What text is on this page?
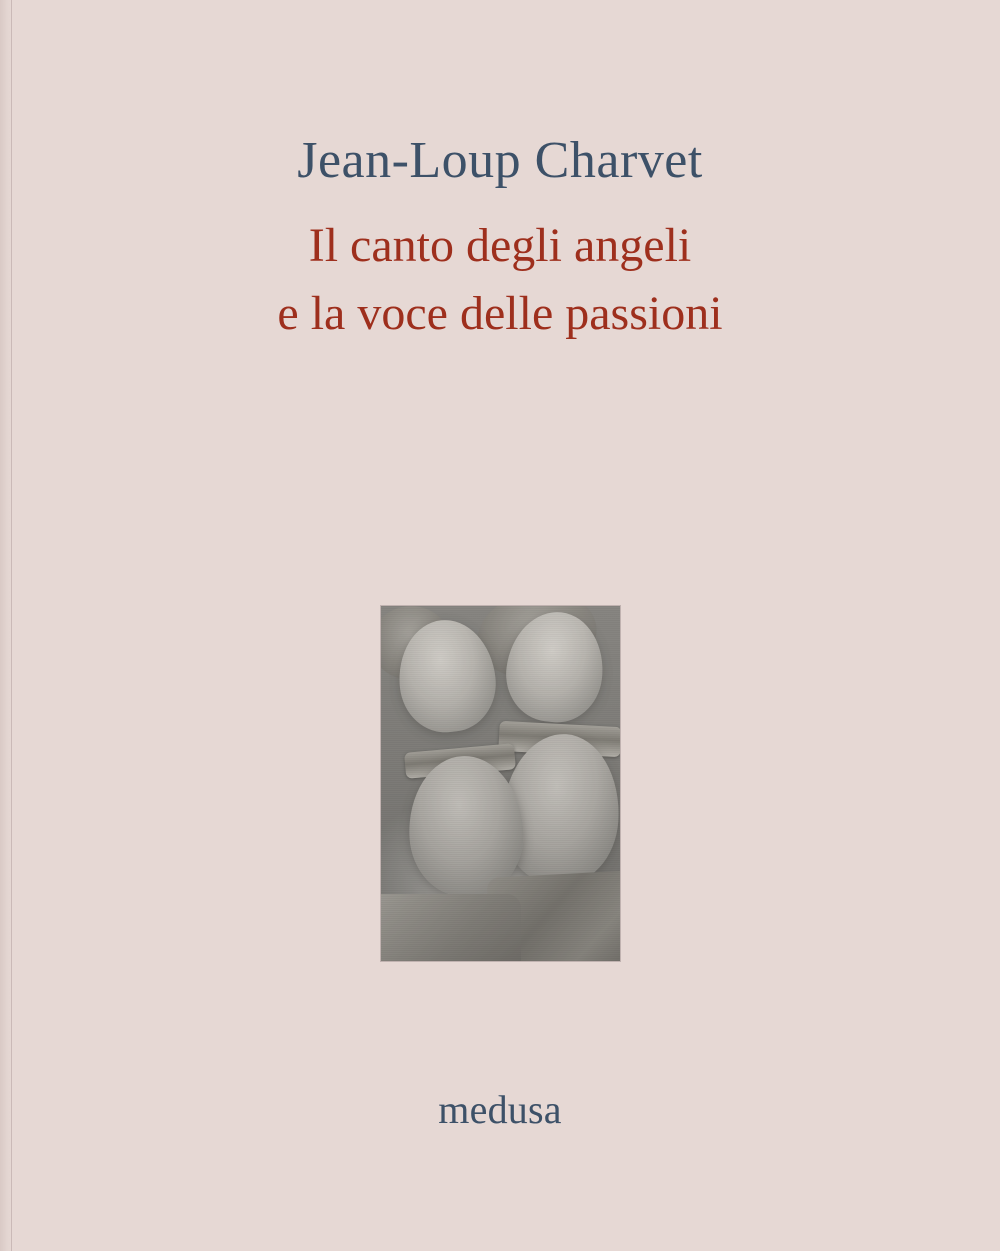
Jean-Loup Charvet
Il canto degli angeli
e la voce delle passioni
medusa
